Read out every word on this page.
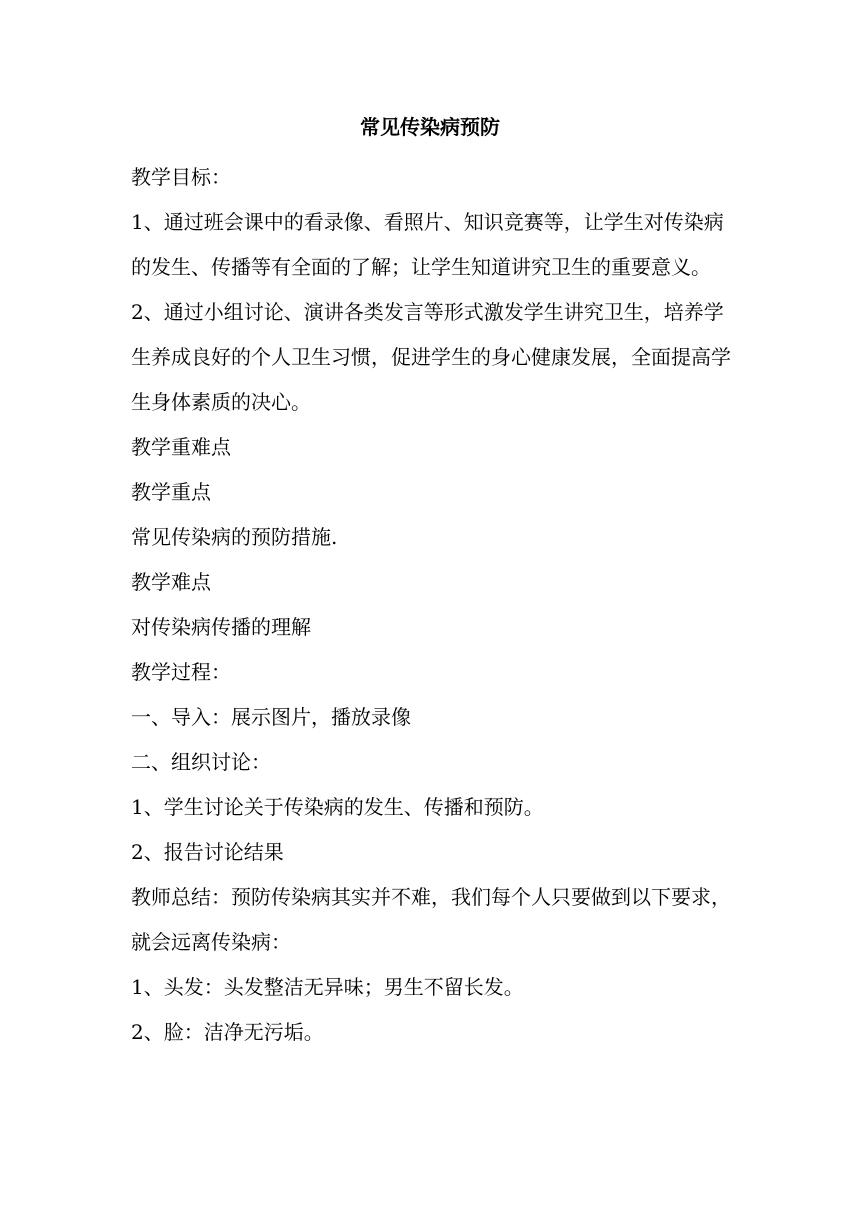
常见传染病预防

教学目标：

1、通过班会课中的看录像、看照片、知识竞赛等，让学生对传染病的发生、传播等有全面的了解；让学生知道讲究卫生的重要意义。

2、通过小组讨论、演讲各类发言等形式激发学生讲究卫生，培养学生养成良好的个人卫生习惯，促进学生的身心健康发展，全面提高学生身体素质的决心。

教学重难点

教学重点

常见传染病的预防措施.

教学难点

对传染病传播的理解

教学过程：

一、导入：展示图片，播放录像

二、组织讨论：

1、学生讨论关于传染病的发生、传播和预防。

2、报告讨论结果

教师总结：预防传染病其实并不难，我们每个人只要做到以下要求，就会远离传染病：

1、头发：头发整洁无异味；男生不留长发。

2、脸：洁净无污垢。
